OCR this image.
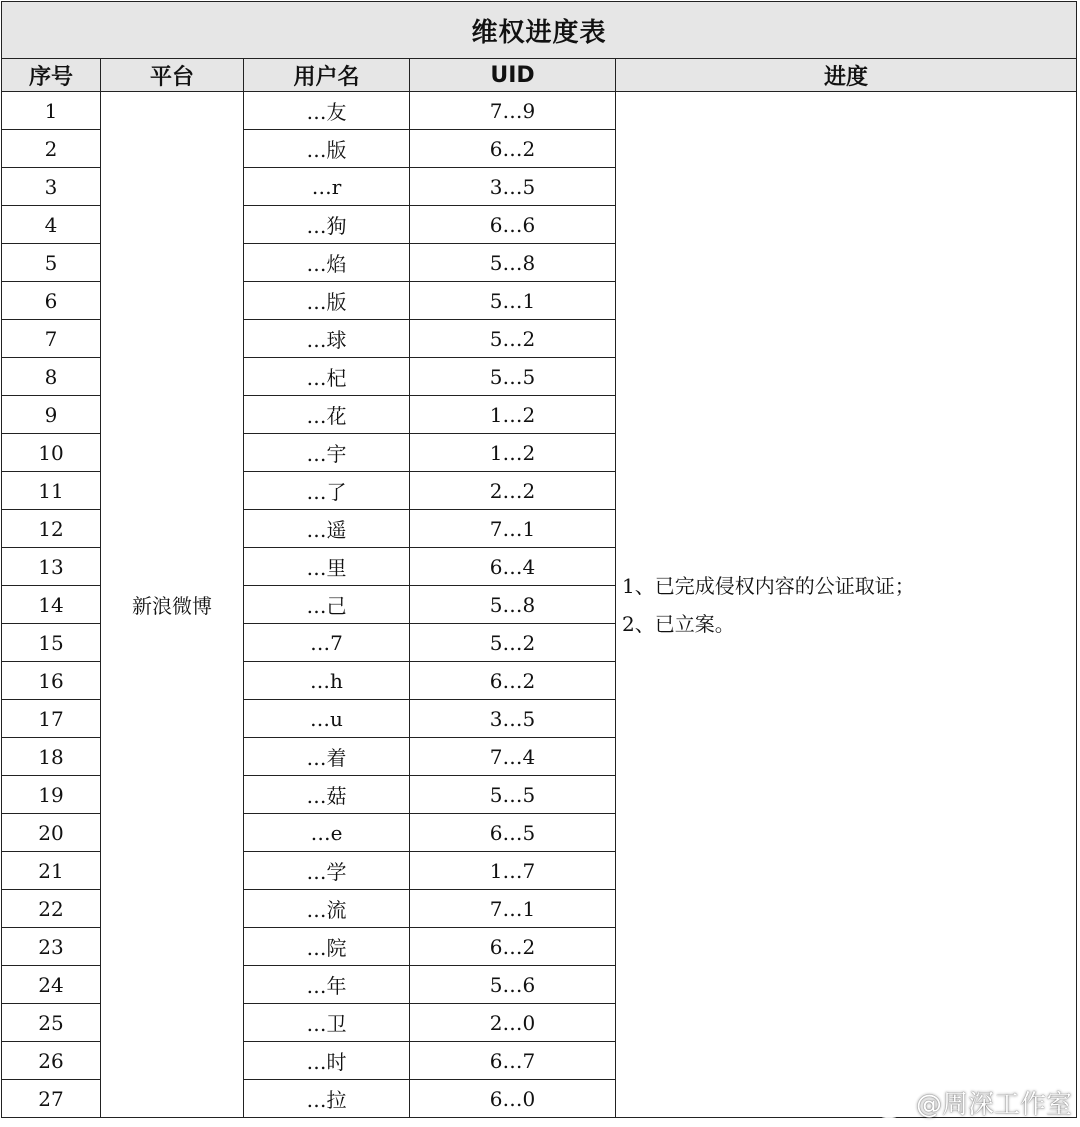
维权进度表				
序号	平台	用户名	UID	进度
1	新浪微博	…友	7…9	1、已完成侵权内容的公证取证；
2、已立案。

2		…版	6…2	
3		…r	3…5	
4		…狗	6…6	
5		…焰	5…8	
6		…版	5…1	
7		…球	5…2	
8		…杞	5…5	
9		…花	1…2	
10		…宇	1…2	
11		…了	2…2	
12		…遥	7…1	
13		…里	6…4	
14		…己	5…8	
15		…7	5…2	
16		…h	6…2	
17		…u	3…5	
18		…着	7…4	
19		…菇	5…5	
20		…e	6…5	
21		…学	1…7	
22		…流	7…1	
23		…院	6…2	
24		…年	5…6	
25		…卫	2…0	
26		…时	6…7	
27		…拉	6…0		@周深工作室
